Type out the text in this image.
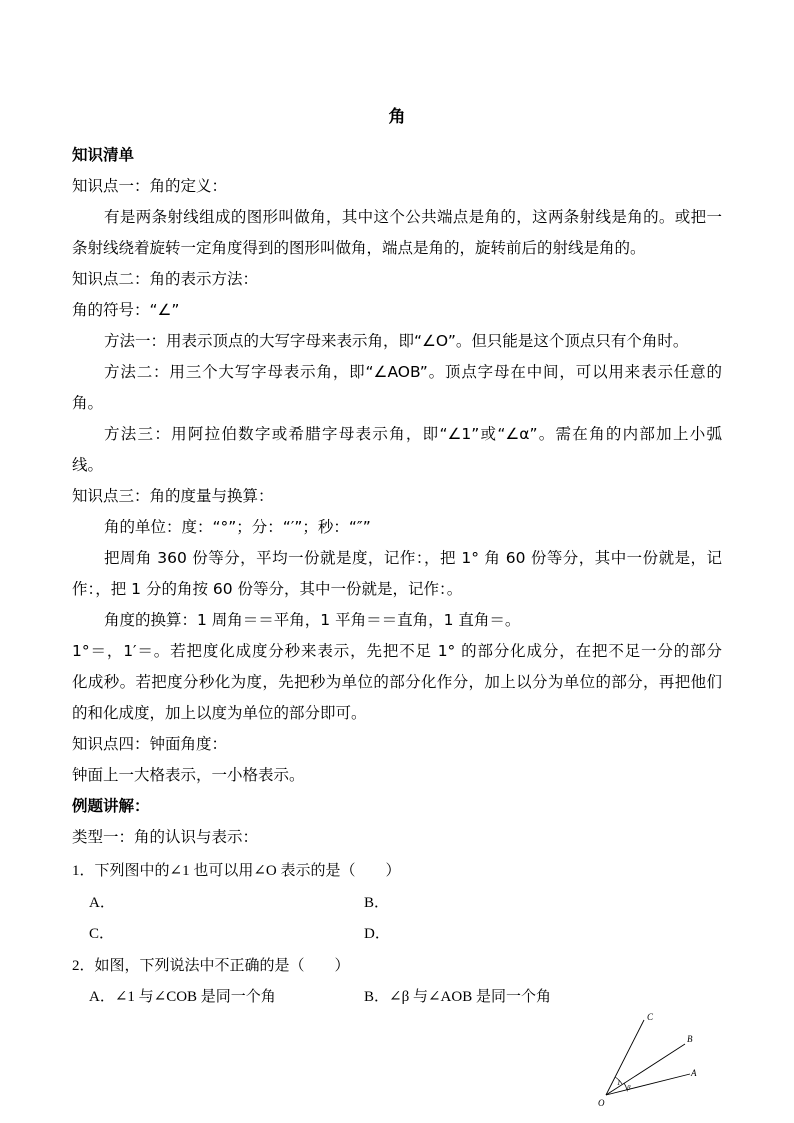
角
知识清单
知识点一：角的定义：
有是两条射线组成的图形叫做角，其中这个公共端点是角的，这两条射线是角的。或把一
条射线绕着旋转一定角度得到的图形叫做角，端点是角的，旋转前后的射线是角的。
知识点二：角的表示方法：
角的符号：“∠”
方法一：用表示顶点的大写字母来表示角，即“∠O”。但只能是这个顶点只有个角时。
方法二：用三个大写字母表示角，即“∠AOB”。顶点字母在中间，可以用来表示任意的
角。
方法三：用阿拉伯数字或希腊字母表示角，即“∠1”或“∠α”。需在角的内部加上小弧
线。
知识点三：角的度量与换算：
角的单位：度：“°”；分：“′”；秒：“″”
把周角 360 份等分，平均一份就是度，记作：，把 1° 角 60 份等分，其中一份就是，记
作：，把 1 分的角按 60 份等分，其中一份就是，记作：。
角度的换算：1 周角＝＝平角，1 平角＝＝直角，1 直角＝。
1°＝，1′＝。若把度化成度分秒来表示，先把不足 1° 的部分化成分，在把不足一分的部分
化成秒。若把度分秒化为度，先把秒为单位的部分化作分，加上以分为单位的部分，再把他们
的和化成度，加上以度为单位的部分即可。
知识点四：钟面角度：
钟面上一大格表示，一小格表示。
例题讲解：
类型一：角的认识与表示：
1．下列图中的∠1 也可以用∠O 表示的是（　　）
A．	B．
C．	D．
2．如图，下列说法中不正确的是（　　）
A．∠1 与∠COB 是同一个角	B．∠β 与∠AOB 是同一个角
C
B
A
O
1
β
